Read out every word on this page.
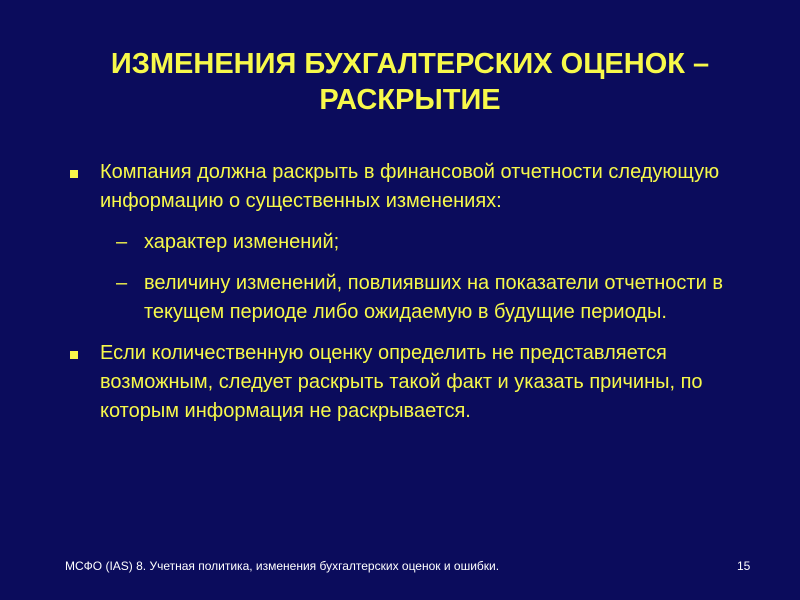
ИЗМЕНЕНИЯ БУХГАЛТЕРСКИХ ОЦЕНОК – РАСКРЫТИЕ
Компания должна раскрыть в финансовой отчетности следующую информацию о существенных изменениях:
– характер изменений;
– величину изменений, повлиявших на показатели отчетности в текущем периоде либо ожидаемую в будущие периоды.
Если количественную оценку определить не представляется возможным, следует раскрыть такой факт и указать причины, по которым информация не раскрывается.
МСФО (IAS) 8. Учетная политика, изменения бухгалтерских оценок и ошибки.	15
